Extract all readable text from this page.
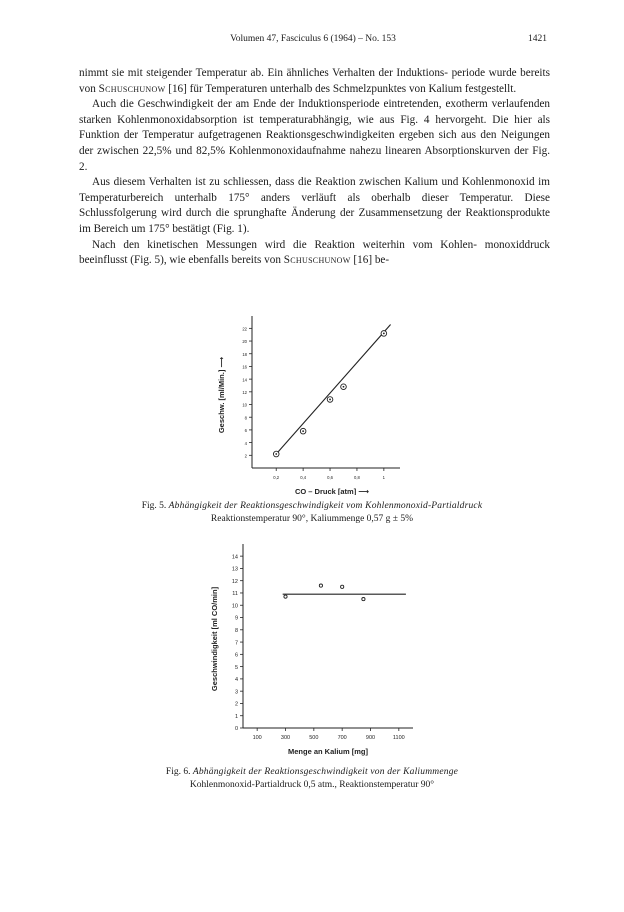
Volumen 47, Fasciculus 6 (1964) – No. 153	1421

nimmt sie mit steigender Temperatur ab. Ein ähnliches Verhalten der Induktions- periode wurde bereits von Schuschunow [16] für Temperaturen unterhalb des Schmelzpunktes von Kalium festgestellt.

Auch die Geschwindigkeit der am Ende der Induktionsperiode eintretenden, exotherm verlaufenden starken Kohlenmonoxidabsorption ist temperaturabhängig, wie aus Fig. 4 hervorgeht. Die hier als Funktion der Temperatur aufgetragenen Reaktionsgeschwindigkeiten ergeben sich aus den Neigungen der zwischen 22,5% und 82,5% Kohlenmonoxidaufnahme nahezu linearen Absorptionskurven der Fig. 2.

Aus diesem Verhalten ist zu schliessen, dass die Reaktion zwischen Kalium und Kohlenmonoxid im Temperaturbereich unterhalb 175° anders verläuft als oberhalb dieser Temperatur. Diese Schlussfolgerung wird durch die sprunghafte Änderung der Zusammensetzung der Reaktionsprodukte im Bereich um 175° bestätigt (Fig. 1).

Nach den kinetischen Messungen wird die Reaktion weiterhin vom Kohlen- monoxiddruck beeinflusst (Fig. 5), wie ebenfalls bereits von Schuschunow [16] be-

2
4
6
8
10
12
14
16
18
20
22
0,2	0,4	0,6	0,8	1
CO – Druck [atm] ⟶
Geschw. [ml/Min.] ⟶
Fig. 5. Abhängigkeit der Reaktionsgeschwindigkeit vom Kohlenmonoxid-Partialdruck
Reaktionstemperatur 90°, Kaliummenge 0,57 g ± 5%
0
1
2
3
4
5
6
7
8
9
10
11
12
13
14
100	300	500	700	900	1100
Menge an Kalium [mg]
Geschwindigkeit [ml CO/min]
Fig. 6. Abhängigkeit der Reaktionsgeschwindigkeit von der Kaliummenge
Kohlenmonoxid-Partialdruck 0,5 atm., Reaktionstemperatur 90°
